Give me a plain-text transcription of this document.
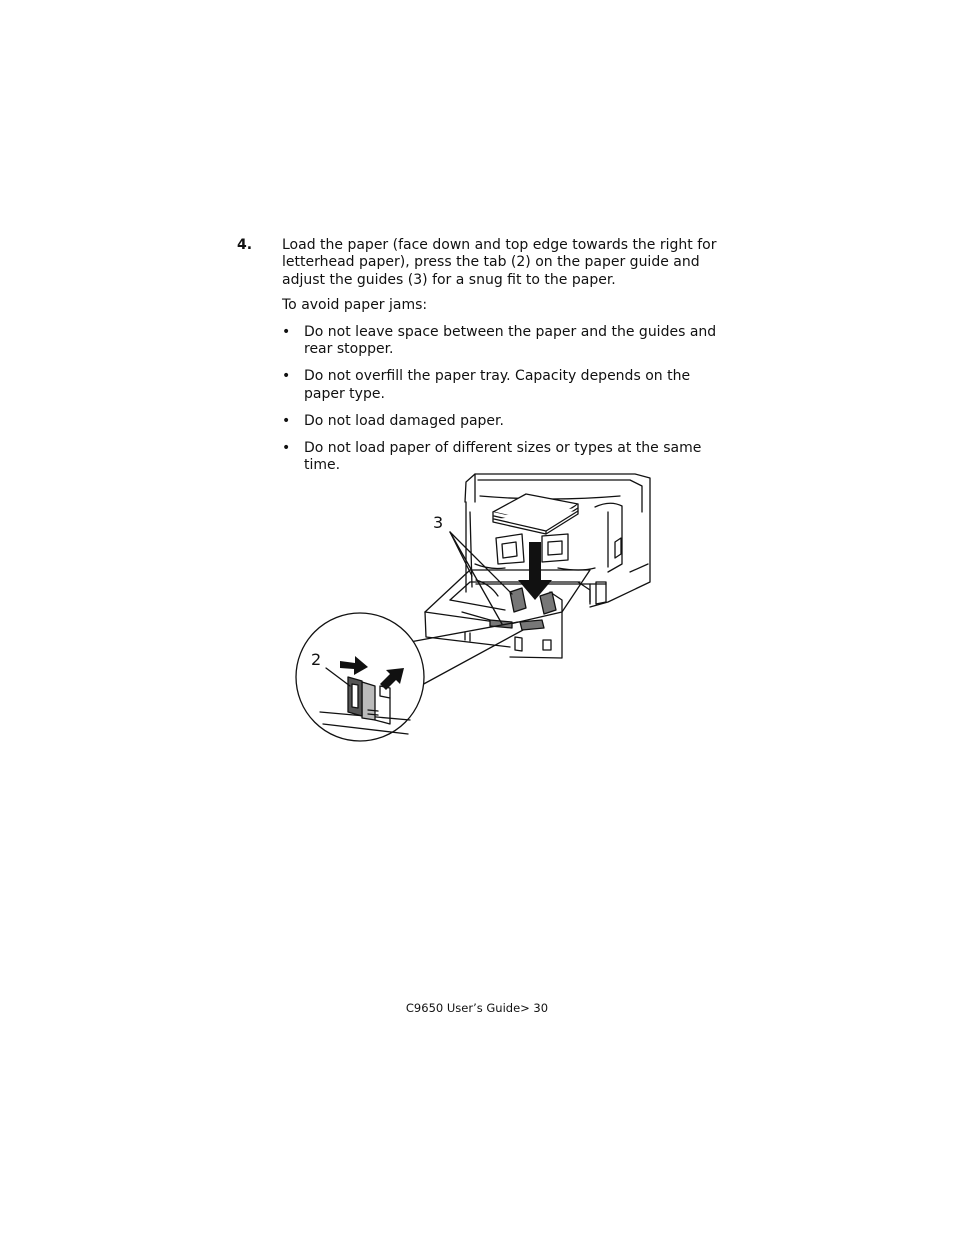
4. Load the paper (face down and top edge towards the right for letterhead paper), press the tab (2) on the paper guide and adjust the guides (3) for a snug fit to the paper.
To avoid paper jams:
• Do not leave space between the paper and the guides and rear stopper.
• Do not overfill the paper tray. Capacity depends on the paper type.
• Do not load damaged paper.
• Do not load paper of different sizes or types at the same time.
3
2
C9650 User’s Guide> 30
